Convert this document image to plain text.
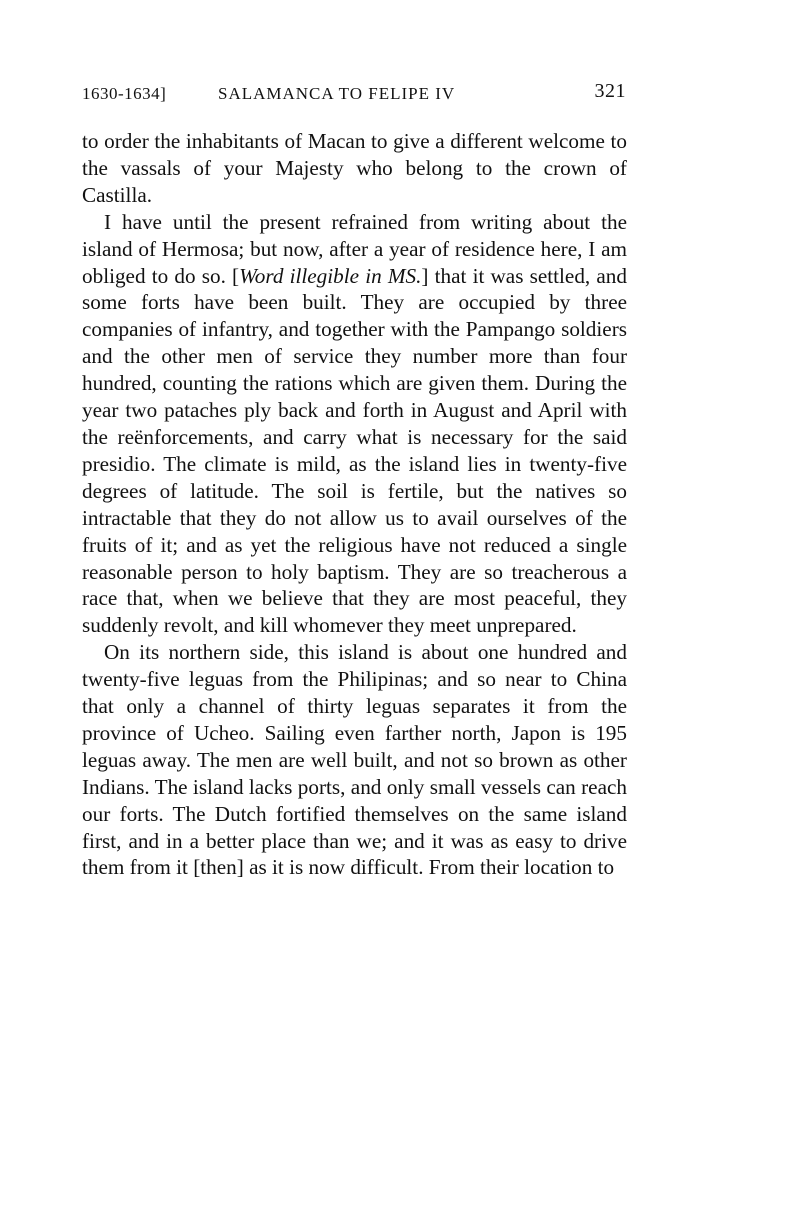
1630-1634]	SALAMANCA TO FELIPE IV	321

to order the inhabitants of Macan to give a different welcome to the vassals of your Majesty who belong to the crown of Castilla.

I have until the present refrained from writing about the island of Hermosa; but now, after a year of residence here, I am obliged to do so. [Word illegible in MS.] that it was settled, and some forts have been built. They are occupied by three companies of infantry, and together with the Pampango soldiers and the other men of service they number more than four hundred, counting the rations which are given them. During the year two pataches ply back and forth in August and April with the reënforcements, and carry what is necessary for the said presidio. The climate is mild, as the island lies in twenty-five degrees of latitude. The soil is fertile, but the natives so intractable that they do not allow us to avail ourselves of the fruits of it; and as yet the religious have not reduced a single reasonable person to holy baptism. They are so treacherous a race that, when we believe that they are most peaceful, they suddenly revolt, and kill whomever they meet unprepared.

On its northern side, this island is about one hundred and twenty-five leguas from the Philipinas; and so near to China that only a channel of thirty leguas separates it from the province of Ucheo. Sailing even farther north, Japon is 195 leguas away. The men are well built, and not so brown as other Indians. The island lacks ports, and only small vessels can reach our forts. The Dutch fortified themselves on the same island first, and in a better place than we; and it was as easy to drive them from it [then] as it is now difficult. From their location to
